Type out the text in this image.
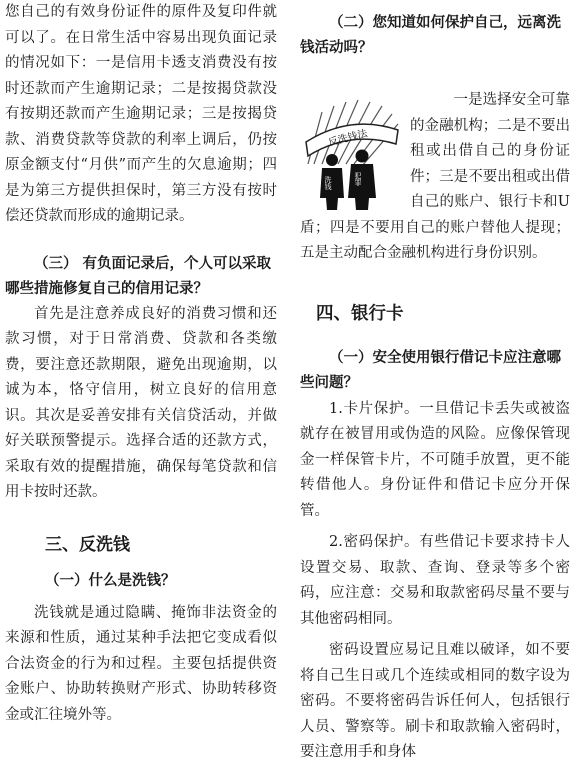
您自己的有效身份证件的原件及复印件就可以了。在日常生活中容易出现负面记录的情况如下：一是信用卡透支消费没有按时还款而产生逾期记录；二是按揭贷款没有按期还款而产生逾期记录；三是按揭贷款、消费贷款等贷款的利率上调后，仍按原金额支付“月供”而产生的欠息逾期；四是为第三方提供担保时，第三方没有按时偿还贷款而形成的逾期记录。

（三） 有负面记录后，个人可以采取哪些措施修复自己的信用记录？

首先是注意养成良好的消费习惯和还款习惯，对于日常消费、贷款和各类缴费，要注意还款期限，避免出现逾期，以诚为本，恪守信用，树立良好的信用意识。其次是妥善安排有关信贷活动，并做好关联预警提示。选择合适的还款方式，采取有效的提醒措施，确保每笔贷款和信用卡按时还款。

三、反洗钱

（一）什么是洗钱？

洗钱就是通过隐瞒、掩饰非法资金的来源和性质，通过某种手法把它变成看似合法资金的行为和过程。主要包括提供资金账户、协助转换财产形式、协助转移资金或汇往境外等。

（二）您知道如何保护自己，远离洗钱活动吗？

反洗钱法
洗钱	犯罪

一是选择安全可靠的金融机构；二是不要出租或出借自己的身份证件；三是不要出租或出借自己的账户、银行卡和U盾；四是不要用自己的账户替他人提现；五是主动配合金融机构进行身份识别。

四、银行卡

（一）安全使用银行借记卡应注意哪些问题？

1.卡片保护。一旦借记卡丢失或被盗就存在被冒用或伪造的风险。应像保管现金一样保管卡片，不可随手放置，更不能转借他人。身份证件和借记卡应分开保管。

2.密码保护。有些借记卡要求持卡人设置交易、取款、查询、登录等多个密码，应注意：交易和取款密码尽量不要与其他密码相同。

密码设置应易记且难以破译，如不要将自己生日或几个连续或相同的数字设为密码。不要将密码告诉任何人，包括银行人员、警察等。刷卡和取款输入密码时，要注意用手和身体
